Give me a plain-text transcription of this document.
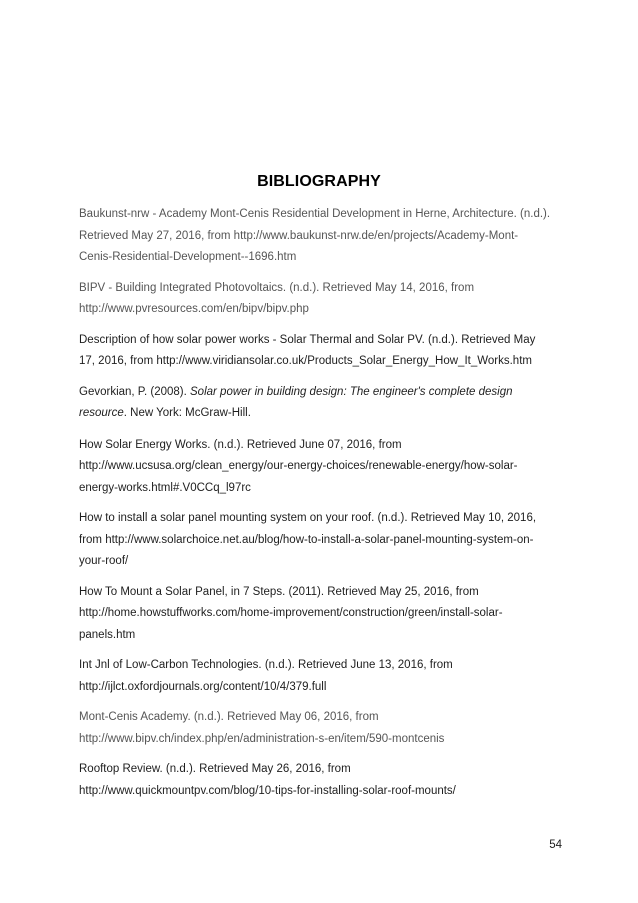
BIBLIOGRAPHY
Baukunst-nrw - Academy Mont-Cenis Residential Development in Herne, Architecture. (n.d.).
Retrieved May 27, 2016, from http://www.baukunst-nrw.de/en/projects/Academy-Mont-
Cenis-Residential-Development--1696.htm
BIPV - Building Integrated Photovoltaics. (n.d.). Retrieved May 14, 2016, from
http://www.pvresources.com/en/bipv/bipv.php
Description of how solar power works - Solar Thermal and Solar PV. (n.d.). Retrieved May
17, 2016, from http://www.viridiansolar.co.uk/Products_Solar_Energy_How_It_Works.htm
Gevorkian, P. (2008). Solar power in building design: The engineer's complete design
resource. New York: McGraw-Hill.
How Solar Energy Works. (n.d.). Retrieved June 07, 2016, from
http://www.ucsusa.org/clean_energy/our-energy-choices/renewable-energy/how-solar-
energy-works.html#.V0CCq_l97rc
How to install a solar panel mounting system on your roof. (n.d.). Retrieved May 10, 2016,
from http://www.solarchoice.net.au/blog/how-to-install-a-solar-panel-mounting-system-on-
your-roof/
How To Mount a Solar Panel, in 7 Steps. (2011). Retrieved May 25, 2016, from
http://home.howstuffworks.com/home-improvement/construction/green/install-solar-
panels.htm
Int Jnl of Low-Carbon Technologies. (n.d.). Retrieved June 13, 2016, from
http://ijlct.oxfordjournals.org/content/10/4/379.full
Mont-Cenis Academy. (n.d.). Retrieved May 06, 2016, from
http://www.bipv.ch/index.php/en/administration-s-en/item/590-montcenis
Rooftop Review. (n.d.). Retrieved May 26, 2016, from
http://www.quickmountpv.com/blog/10-tips-for-installing-solar-roof-mounts/
54
